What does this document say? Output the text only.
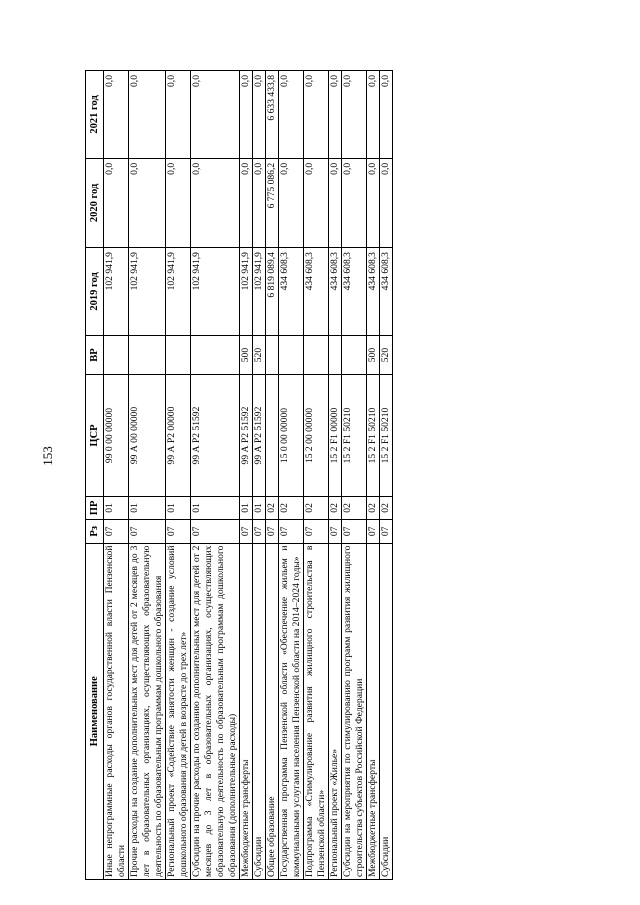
153
Наименование	Рз	ПР	ЦСР	ВР	2019 год	2020 год	2021 год
Иные непрограммные расходы органов государственной власти Пензенской области	07	01	99 0 00 00000		102 941,9	0,0	0,0
Прочие расходы на создание дополнительных мест для детей от 2 месяцев до 3 лет в образовательных организациях, осуществляющих образовательную деятельность по образовательным программам дошкольного образования	07	01	99 А 00 00000		102 941,9	0,0	0,0
Региональный проект «Содействие занятости женщин - создание условий дошкольного образования для детей в возрасте до трех лет»	07	01	99 А P2 00000		102 941,9	0,0	0,0
Субсидии на прочие расходы по созданию дополнительных мест для детей от 2 месяцев до 3 лет в образовательных организациях, осуществляющих образовательную деятельность по образовательным программам дошкольного образования (дополнительные расходы)	07	01	99 А P2 51592		102 941,9	0,0	0,0
Межбюджетные трансферты	07	01	99 А P2 51592	500	102 941,9	0,0	0,0
Субсидии	07	01	99 А P2 51592	520	102 941,9	0,0	0,0
Общее образование	07	02			6 819 089,4	6 775 086,2	6 633 433,8
Государственная программа Пензенской области «Обеспечение жильем и коммунальными услугами населения Пензенской области на 2014–2024 годы»	07	02	15 0 00 00000		434 608,3	0,0	0,0
Подпрограмма «Стимулирование развития жилищного строительства в Пензенской области»	07	02	15 2 00 00000		434 608,3	0,0	0,0
Региональный проект «Жилье»	07	02	15 2 F1 00000		434 608,3	0,0	0,0
Субсидии на мероприятия по стимулированию программ развития жилищного строительства субъектов Российской Федерации	07	02	15 2 F1 50210		434 608,3	0,0	0,0
Межбюджетные трансферты	07	02	15 2 F1 50210	500	434 608,3	0,0	0,0
Субсидии	07	02	15 2 F1 50210	520	434 608,3	0,0	0,0
